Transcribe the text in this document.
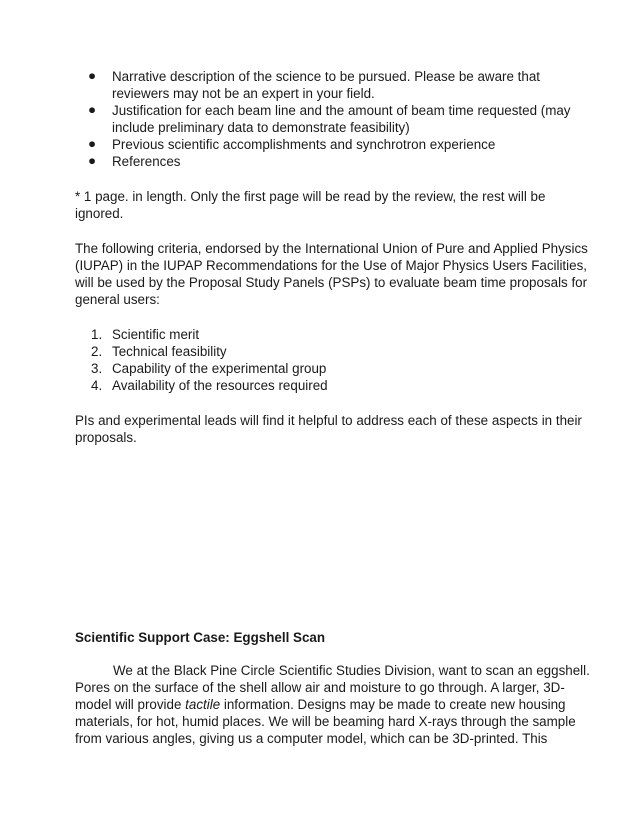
● Narrative description of the science to be pursued. Please be aware that
reviewers may not be an expert in your field.
● Justification for each beam line and the amount of beam time requested (may
include preliminary data to demonstrate feasibility)
● Previous scientific accomplishments and synchrotron experience
● References
* 1 page. in length. Only the first page will be read by the review, the rest will be
ignored.
The following criteria, endorsed by the International Union of Pure and Applied Physics
(IUPAP) in the IUPAP Recommendations for the Use of Major Physics Users Facilities,
will be used by the Proposal Study Panels (PSPs) to evaluate beam time proposals for
general users:
1. Scientific merit
2. Technical feasibility
3. Capability of the experimental group
4. Availability of the resources required
PIs and experimental leads will find it helpful to address each of these aspects in their
proposals.
Scientific Support Case: Eggshell Scan
We at the Black Pine Circle Scientific Studies Division, want to scan an eggshell.
Pores on the surface of the shell allow air and moisture to go through. A larger, 3D-
model will provide tactile information. Designs may be made to create new housing
materials, for hot, humid places. We will be beaming hard X-rays through the sample
from various angles, giving us a computer model, which can be 3D-printed. This
